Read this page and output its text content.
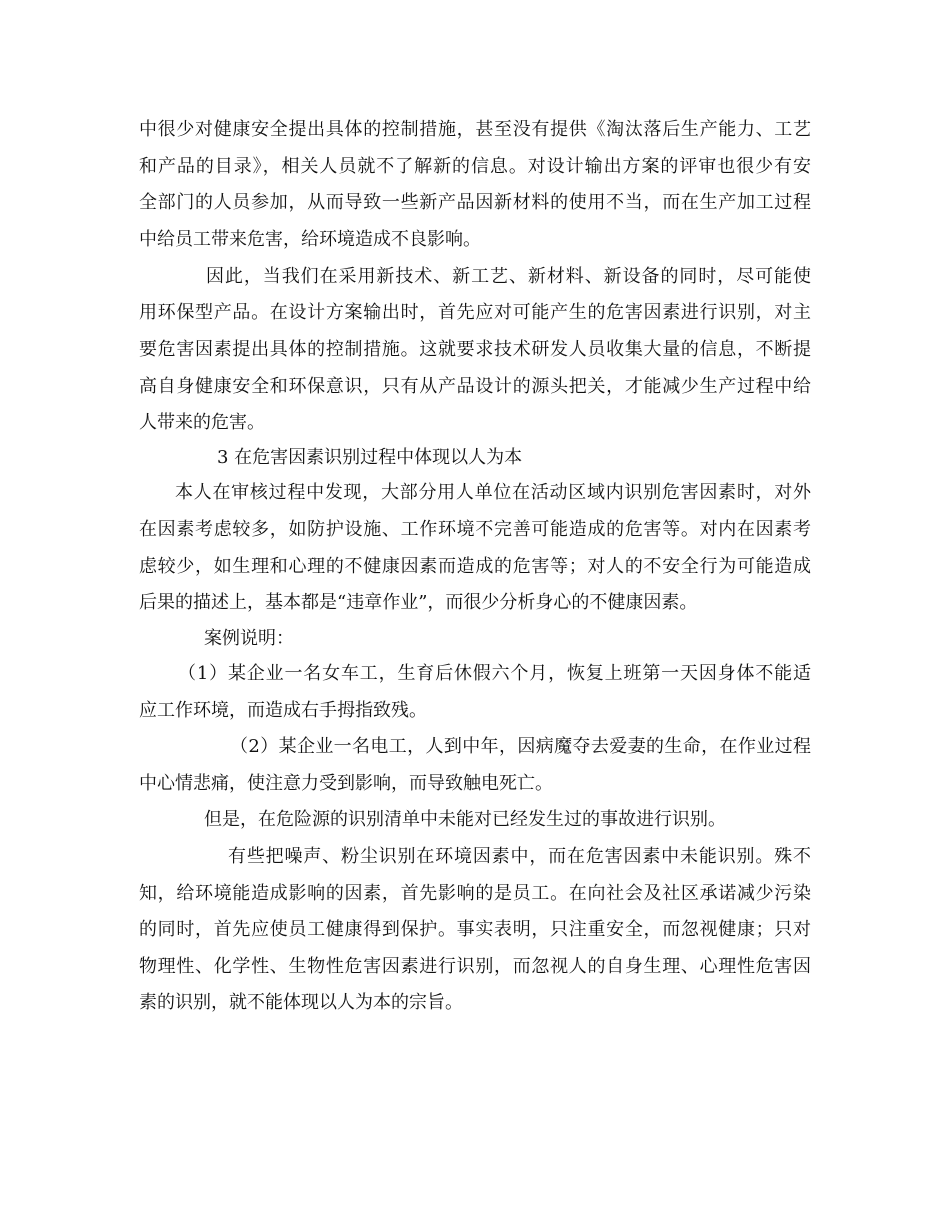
中很少对健康安全提出具体的控制措施，甚至没有提供《淘汰落后生产能力、工艺

和产品的目录》，相关人员就不了解新的信息。对设计输出方案的评审也很少有安

全部门的人员参加，从而导致一些新产品因新材料的使用不当，而在生产加工过程

中给员工带来危害，给环境造成不良影响。

因此，当我们在采用新技术、新工艺、新材料、新设备的同时，尽可能使

用环保型产品。在设计方案输出时，首先应对可能产生的危害因素进行识别，对主

要危害因素提出具体的控制措施。这就要求技术研发人员收集大量的信息，不断提

高自身健康安全和环保意识，只有从产品设计的源头把关，才能减少生产过程中给

人带来的危害。

3 在危害因素识别过程中体现以人为本

本人在审核过程中发现，大部分用人单位在活动区域内识别危害因素时，对外

在因素考虑较多，如防护设施、工作环境不完善可能造成的危害等。对内在因素考

虑较少，如生理和心理的不健康因素而造成的危害等；对人的不安全行为可能造成

后果的描述上，基本都是“违章作业”，而很少分析身心的不健康因素。

案例说明：

（1）某企业一名女车工，生育后休假六个月，恢复上班第一天因身体不能适

应工作环境，而造成右手拇指致残。

（2）某企业一名电工，人到中年，因病魔夺去爱妻的生命，在作业过程

中心情悲痛，使注意力受到影响，而导致触电死亡。

但是，在危险源的识别清单中未能对已经发生过的事故进行识别。

有些把噪声、粉尘识别在环境因素中，而在危害因素中未能识别。殊不

知，给环境能造成影响的因素，首先影响的是员工。在向社会及社区承诺减少污染

的同时，首先应使员工健康得到保护。事实表明，只注重安全，而忽视健康；只对

物理性、化学性、生物性危害因素进行识别，而忽视人的自身生理、心理性危害因

素的识别，就不能体现以人为本的宗旨。
